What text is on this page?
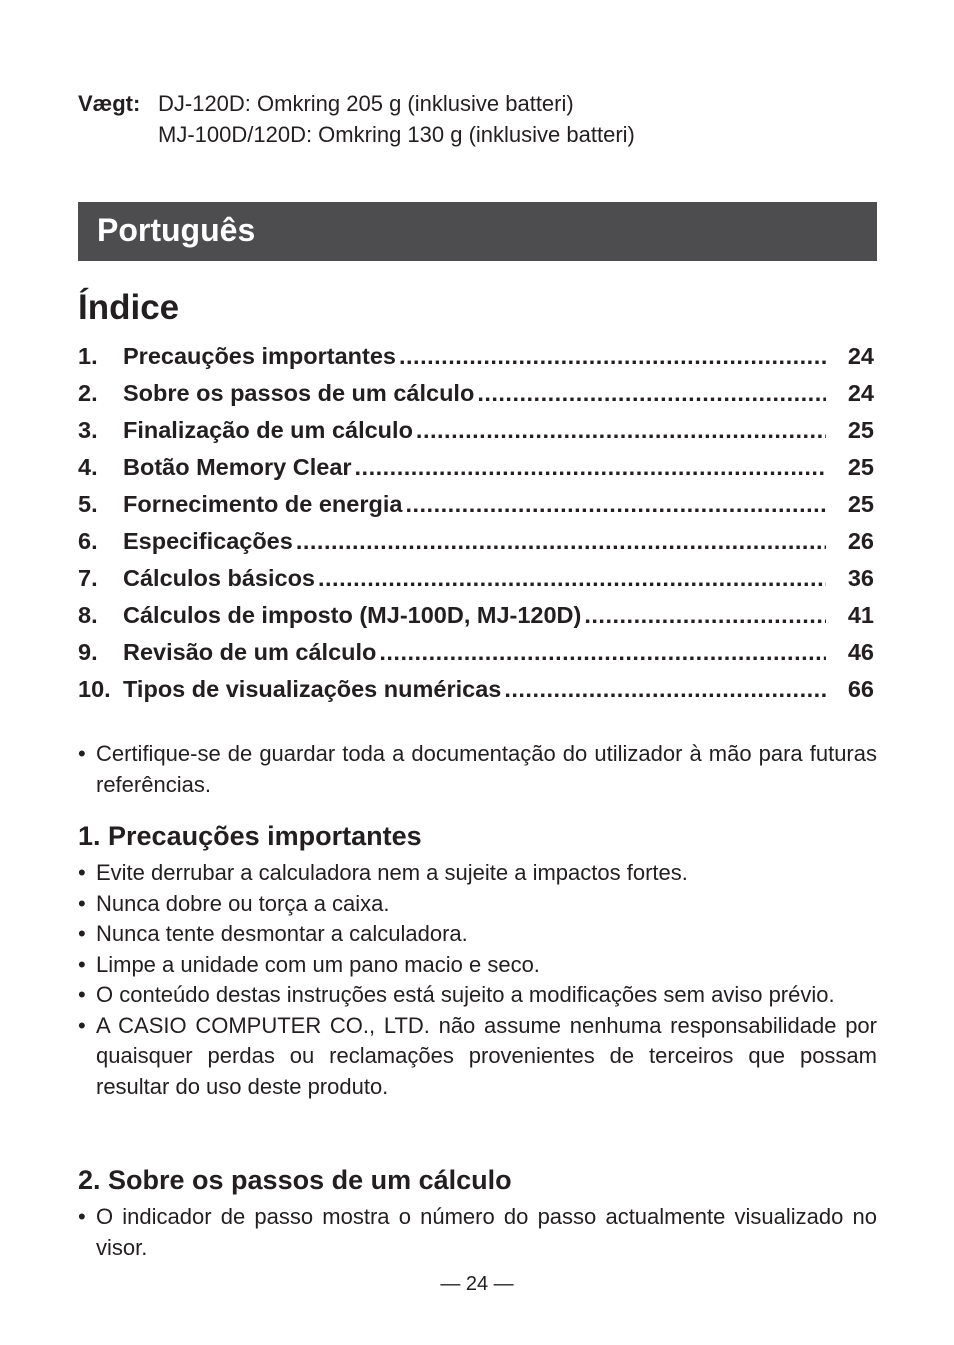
Vægt: DJ-120D: Omkring 205 g (inklusive batteri)
MJ-100D/120D: Omkring 130 g (inklusive batteri)
Português
Índice
1.	Precauções importantes .....	24
2.	Sobre os passos de um cálculo .....	24
3.	Finalização de um cálculo .....	25
4.	Botão Memory Clear .....	25
5.	Fornecimento de energia .....	25
6.	Especificações .....	26
7.	Cálculos básicos .....	36
8.	Cálculos de imposto (MJ-100D, MJ-120D) .....	41
9.	Revisão de um cálculo .....	46
10. Tipos de visualizações numéricas .....	66
• Certifique-se de guardar toda a documentação do utilizador à mão para futuras referências.
1. Precauções importantes
• Evite derrubar a calculadora nem a sujeite a impactos fortes.
• Nunca dobre ou torça a caixa.
• Nunca tente desmontar a calculadora.
• Limpe a unidade com um pano macio e seco.
• O conteúdo destas instruções está sujeito a modificações sem aviso prévio.
• A CASIO COMPUTER CO., LTD. não assume nenhuma responsabilidade por quaisquer perdas ou reclamações provenientes de terceiros que possam resultar do uso deste produto.
2. Sobre os passos de um cálculo
• O indicador de passo mostra o número do passo actualmente visualizado no visor.
— 24 —
